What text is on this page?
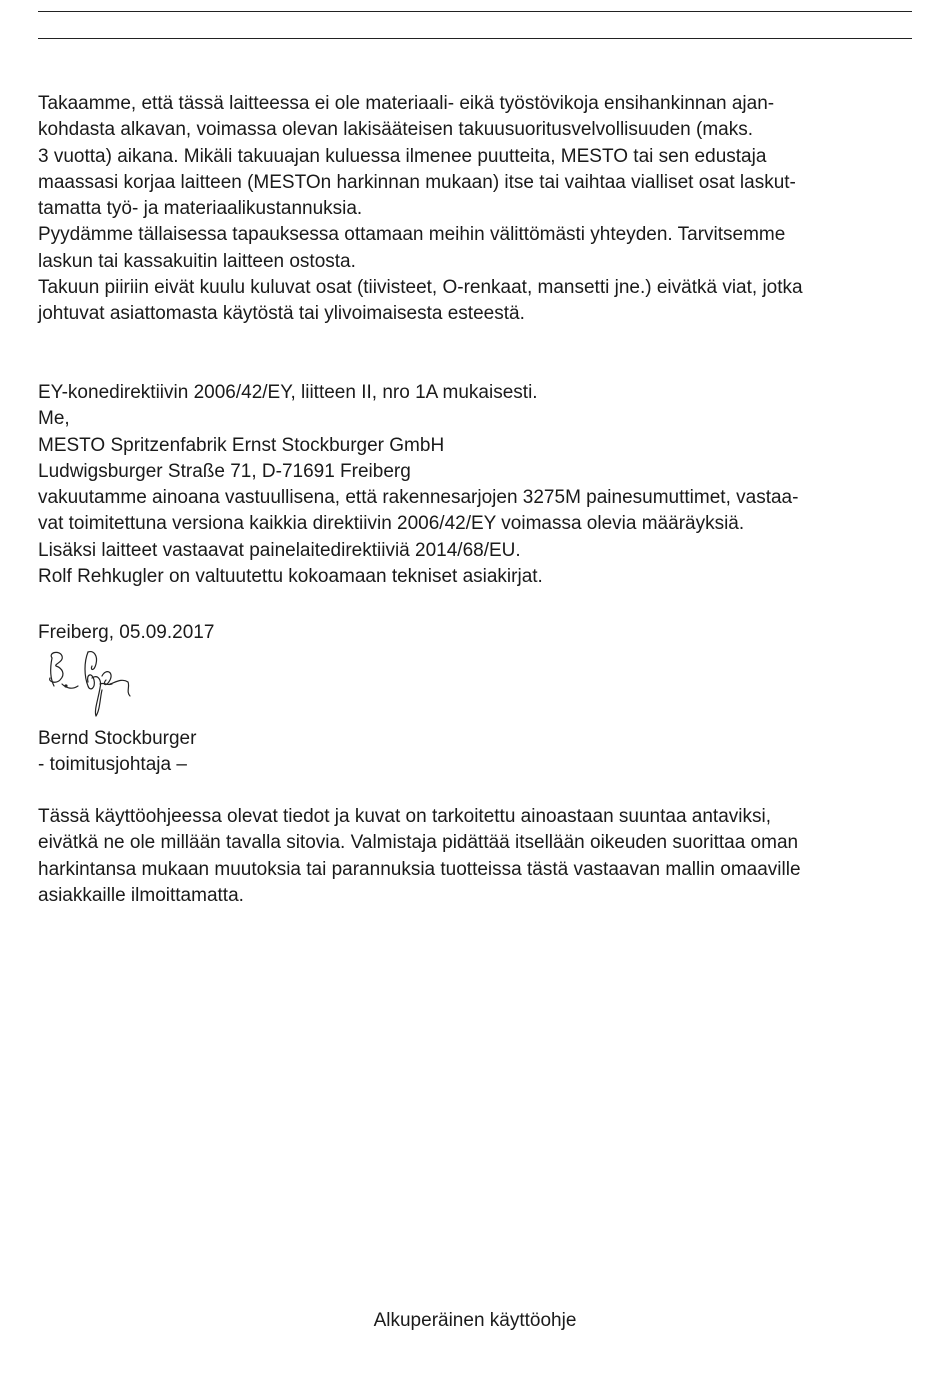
Takaamme, että tässä laitteessa ei ole materiaali- eikä työstövikoja ensihankinnan ajan-
kohdasta alkavan, voimassa olevan lakisääteisen takuusuoritusvelvollisuuden (maks.
3 vuotta) aikana. Mikäli takuuajan kuluessa ilmenee puutteita, MESTO tai sen edustaja
maassasi korjaa laitteen (MESTOn harkinnan mukaan) itse tai vaihtaa vialliset osat laskut-
tamatta työ- ja materiaalikustannuksia.
Pyydämme tällaisessa tapauksessa ottamaan meihin välittömästi yhteyden. Tarvitsemme
laskun tai kassakuitin laitteen ostosta.
Takuun piiriin eivät kuulu kuluvat osat (tiivisteet, O-renkaat, mansetti jne.) eivätkä viat, jotka
johtuvat asiattomasta käytöstä tai ylivoimaisesta esteestä.
EY-konedirektiivin 2006/42/EY, liitteen II, nro 1A mukaisesti.
Me,
MESTO Spritzenfabrik Ernst Stockburger GmbH
Ludwigsburger Straße 71, D-71691 Freiberg
vakuutamme ainoana vastuullisena, että rakennesarjojen 3275M painesumuttimet, vastaa-
vat toimitettuna versiona kaikkia direktiivin 2006/42/EY voimassa olevia määräyksiä.
Lisäksi laitteet vastaavat painelaitedirektiiviä 2014/68/EU.
Rolf Rehkugler on valtuutettu kokoamaan tekniset asiakirjat.
Freiberg, 05.09.2017
Bernd Stockburger
- toimitusjohtaja –
Tässä käyttöohjeessa olevat tiedot ja kuvat on tarkoitettu ainoastaan suuntaa antaviksi,
eivätkä ne ole millään tavalla sitovia. Valmistaja pidättää itsellään oikeuden suorittaa oman
harkintansa mukaan muutoksia tai parannuksia tuotteissa tästä vastaavan mallin omaaville
asiakkaille ilmoittamatta.
Alkuperäinen käyttöohje
